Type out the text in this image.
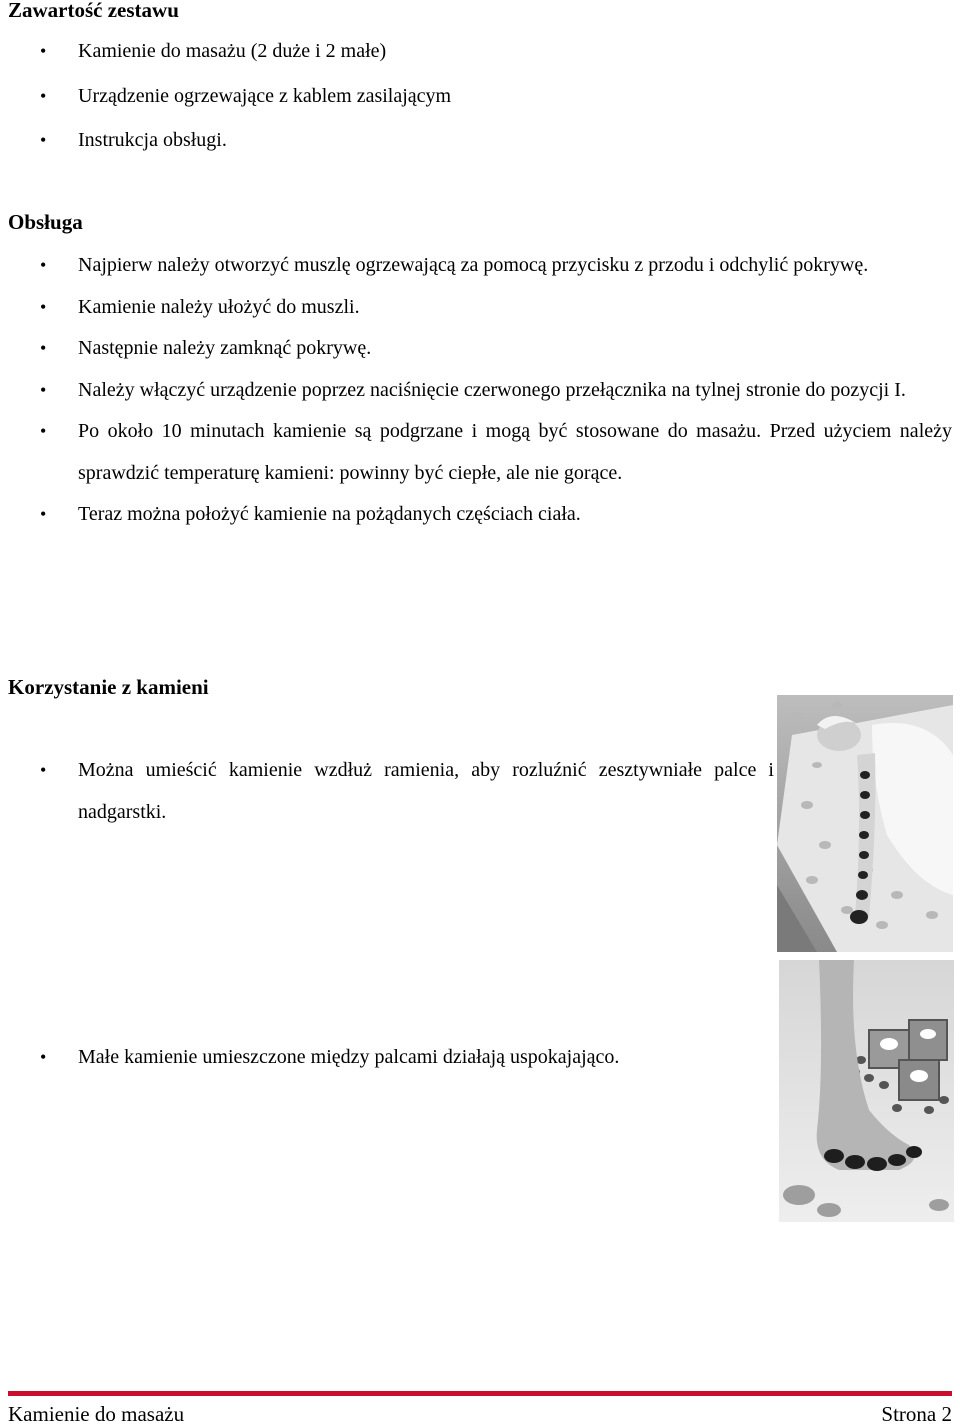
Zawartość zestawu
• Kamienie do masażu (2 duże i 2 małe)
• Urządzenie ogrzewające z kablem zasilającym
• Instrukcja obsługi.
Obsługa
• Najpierw należy otworzyć muszlę ogrzewającą za pomocą przycisku z przodu i odchylić pokrywę.
• Kamienie należy ułożyć do muszli.
• Następnie należy zamknąć pokrywę.
• Należy włączyć urządzenie poprzez naciśnięcie czerwonego przełącznika na tylnej stronie do pozycji I.
• Po około 10 minutach kamienie są podgrzane i mogą być stosowane do masażu. Przed użyciem należy sprawdzić temperaturę kamieni: powinny być ciepłe, ale nie gorące.
• Teraz można położyć kamienie na pożądanych częściach ciała.
Korzystanie z kamieni
• Można umieścić kamienie wzdłuż ramienia, aby rozluźnić zesztywniałe palce i nadgarstki.
• Małe kamienie umieszczone między palcami działają uspokajająco.
Kamienie do masażu	Strona 2
